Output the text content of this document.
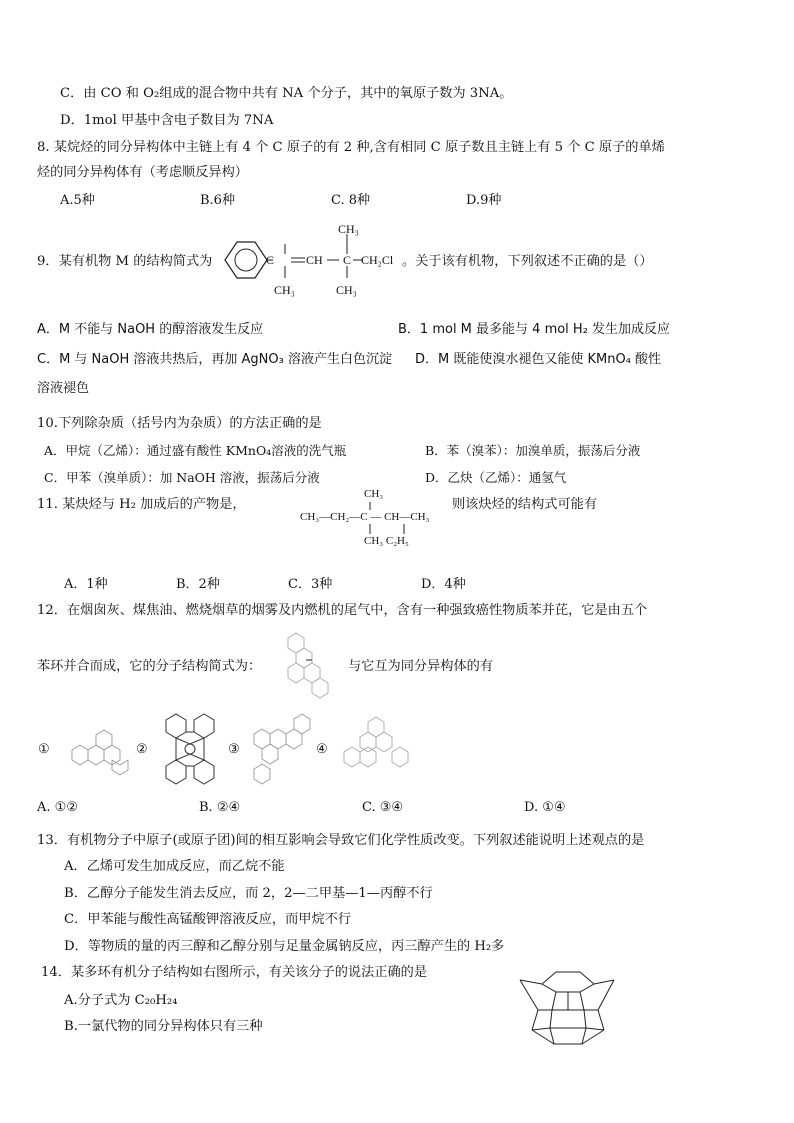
C．由 CO 和 O₂组成的混合物中共有 NA 个分子，其中的氧原子数为 3NA。
D．1mol 甲基中含电子数目为 7NA
8. 某烷烃的同分异构体中主链上有 4 个 C 原子的有 2 种,含有相同 C 原子数且主链上有 5 个 C 原子的单烯
烃的同分异构体有（考虑顺反异构）
A.5种	B.6种	C. 8种	D.9种
9．某有机物 M 的结构简式为	C	CH C
CH₃
CH₃	CH₃
CH₂Cl 。关于该有机物，下列叙述不正确的是（）
A．M 不能与 NaOH 的醇溶液发生反应	B．1 mol M 最多能与 4 mol H₂ 发生加成反应
C．M 与 NaOH 溶液共热后，再加 AgNO₃ 溶液产生白色沉淀 D．M 既能使溴水褪色又能使 KMnO₄ 酸性
溶液褪色
10.下列除杂质（括号内为杂质）的方法正确的是
A．甲烷（乙烯）：通过盛有酸性 KMnO₄溶液的洗气瓶	B．苯（溴苯）：加溴单质，振荡后分液
C．甲苯（溴单质）：加 NaOH 溶液，振荡后分液	D．乙炔（乙烯）：通氢气
11. 某炔烃与 H₂ 加成后的产物是，
CH₃
CH₃—CH₂—C — CH—CH₃
CH₃ C₂H₅
则该炔烃的结构式可能有
A．1种	B．2种	C．3种	D．4种
12．在烟囱灰、煤焦油、燃烧烟草的烟雾及内燃机的尾气中，含有一种强致癌性物质苯并芘，它是由五个
苯环并合而成，它的分子结构简式为：	与它互为同分异构体的有
①	②	③	④
A. ①②	B. ②④	C. ③④	D. ①④
13．有机物分子中原子(或原子团)间的相互影响会导致它们化学性质改变。下列叙述能说明上述观点的是
A．乙烯可发生加成反应，而乙烷不能
B．乙醇分子能发生消去反应，而 2，2—二甲基—1—丙醇不行
C．甲苯能与酸性高锰酸钾溶液反应，而甲烷不行
D．等物质的量的丙三醇和乙醇分别与足量金属钠反应，丙三醇产生的 H₂多
14．某多环有机分子结构如右图所示，有关该分子的说法正确的是
A.分子式为 C₂₀H₂₄
B.一氯代物的同分异构体只有三种
